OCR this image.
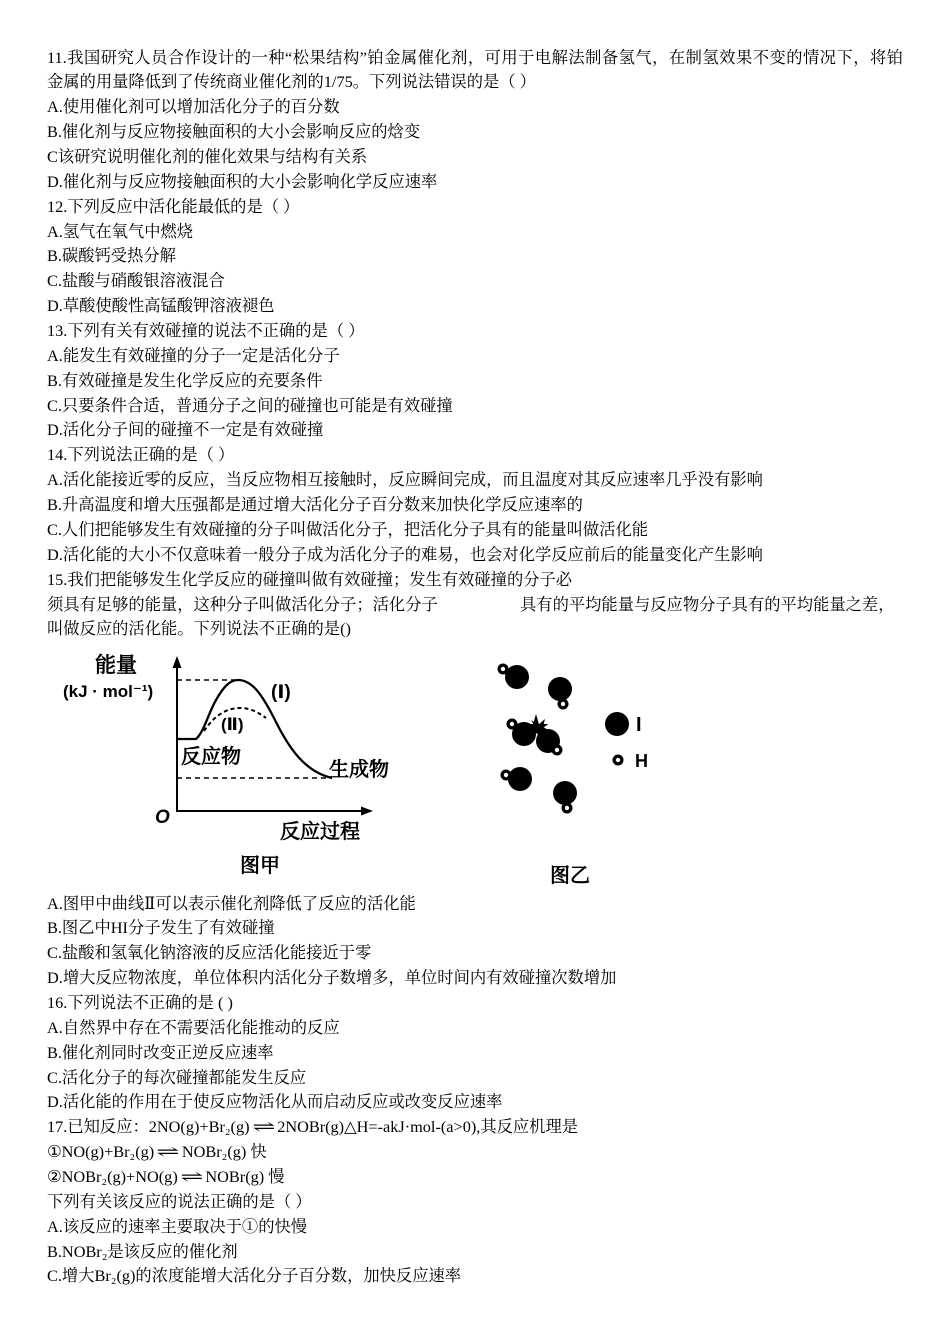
11.我国研究人员合作设计的一种“松果结构”铂金属催化剂，可用于电解法制备氢气，在制氢效果不变的情况下，将铂
金属的用量降低到了传统商业催化剂的1/75。下列说法错误的是（ ）
A.使用催化剂可以增加活化分子的百分数
B.催化剂与反应物接触面积的大小会影响反应的焓变
C该研究说明催化剂的催化效果与结构有关系
D.催化剂与反应物接触面积的大小会影响化学反应速率
12.下列反应中活化能最低的是（ ）
A.氢气在氧气中燃烧
B.碳酸钙受热分解
C.盐酸与硝酸银溶液混合
D.草酸使酸性高锰酸钾溶液褪色
13.下列有关有效碰撞的说法不正确的是（ ）
A.能发生有效碰撞的分子一定是活化分子
B.有效碰撞是发生化学反应的充要条件
C.只要条件合适，普通分子之间的碰撞也可能是有效碰撞
D.活化分子间的碰撞不一定是有效碰撞
14.下列说法正确的是（ ）
A.活化能接近零的反应，当反应物相互接触时，反应瞬间完成，而且温度对其反应速率几乎没有影响
B.升高温度和增大压强都是通过增大活化分子百分数来加快化学反应速率的
C.人们把能够发生有效碰撞的分子叫做活化分子，把活化分子具有的能量叫做活化能
D.活化能的大小不仅意味着一般分子成为活化分子的难易，也会对化学反应前后的能量变化产生影响
15.我们把能够发生化学反应的碰撞叫做有效碰撞；发生有效碰撞的分子必
须具有足够的能量，这种分子叫做活化分子；活化分子	具有的平均能量与反应物分子具有的平均能量之差，
叫做反应的活化能。下列说法不正确的是()
能量
(kJ · mol⁻¹)	(Ⅰ)
(Ⅱ)
反应物
生成物
O
反应过程
图甲
I
H
图乙
A.图甲中曲线Ⅱ可以表示催化剂降低了反应的活化能
B.图乙中HI分子发生了有效碰撞
C.盐酸和氢氧化钠溶液的反应活化能接近于零
D.增大反应物浓度，单位体积内活化分子数增多，单位时间内有效碰撞次数增加
16.下列说法不正确的是 ( )
A.自然界中存在不需要活化能推动的反应
B.催化剂同时改变正逆反应速率
C.活化分子的每次碰撞都能发生反应
D.活化能的作用在于使反应物活化从而启动反应或改变反应速率
17.已知反应：2NO(g)+Br₂(g) ⇌ 2NOBr(g)△H=-akJ·mol-(a>0),其反应机理是
①NO(g)+Br₂(g) ⇌ NOBr₂(g) 快
②NOBr₂(g)+NO(g) ⇌ NOBr(g) 慢
下列有关该反应的说法正确的是（ ）
A.该反应的速率主要取决于①的快慢
B.NOBr₂是该反应的催化剂
C.增大Br₂(g)的浓度能增大活化分子百分数，加快反应速率
